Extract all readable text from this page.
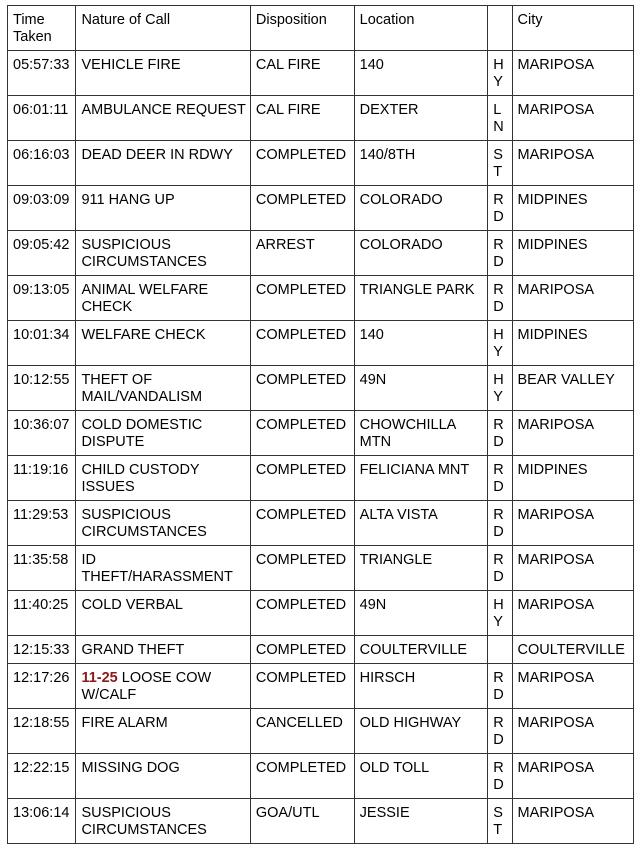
Time
Taken	Nature of Call	Disposition	Location		City
05:57:33	VEHICLE FIRE	CAL FIRE	140	HY	MARIPOSA
06:01:11	AMBULANCE REQUEST	CAL FIRE	DEXTER	LN	MARIPOSA
06:16:03	DEAD DEER IN RDWY	COMPLETED	140/8TH	ST	MARIPOSA
09:03:09	911 HANG UP	COMPLETED	COLORADO	RD	MIDPINES
09:05:42	SUSPICIOUS CIRCUMSTANCES	ARREST	COLORADO	RD	MIDPINES
09:13:05	ANIMAL WELFARE CHECK	COMPLETED	TRIANGLE PARK	RD	MARIPOSA
10:01:34	WELFARE CHECK	COMPLETED	140	HY	MIDPINES
10:12:55	THEFT OF MAIL/VANDALISM	COMPLETED	49N	HY	BEAR VALLEY
10:36:07	COLD DOMESTIC DISPUTE	COMPLETED	CHOWCHILLA MTN	RD	MARIPOSA
11:19:16	CHILD CUSTODY ISSUES	COMPLETED	FELICIANA MNT	RD	MIDPINES
11:29:53	SUSPICIOUS CIRCUMSTANCES	COMPLETED	ALTA VISTA	RD	MARIPOSA
11:35:58	ID THEFT/HARASSMENT	COMPLETED	TRIANGLE	RD	MARIPOSA
11:40:25	COLD VERBAL	COMPLETED	49N	HY	MARIPOSA
12:15:33	GRAND THEFT	COMPLETED	COULTERVILLE		COULTERVILLE
12:17:26	11-25 LOOSE COW W/CALF	COMPLETED	HIRSCH	RD	MARIPOSA
12:18:55	FIRE ALARM	CANCELLED	OLD HIGHWAY	RD	MARIPOSA
12:22:15	MISSING DOG	COMPLETED	OLD TOLL	RD	MARIPOSA
13:06:14	SUSPICIOUS CIRCUMSTANCES	GOA/UTL	JESSIE	ST	MARIPOSA
